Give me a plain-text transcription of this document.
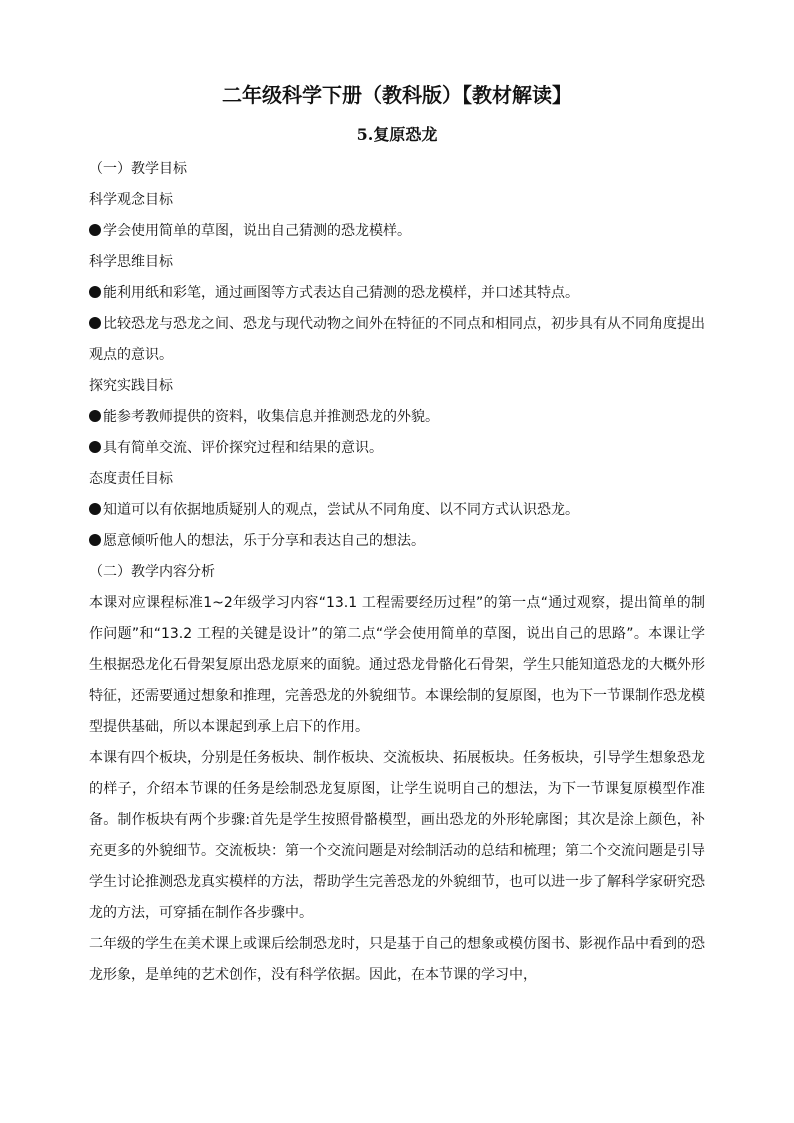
二年级科学下册（教科版）【教材解读】
5.复原恐龙

（一）教学目标

科学观念目标

学会使用简单的草图，说出自己猜测的恐龙模样。

科学思维目标

能利用纸和彩笔，通过画图等方式表达自己猜测的恐龙模样，并口述其特点。

比较恐龙与恐龙之间、恐龙与现代动物之间外在特征的不同点和相同点，初步具有从不同角度提出观点的意识。

探究实践目标

能参考教师提供的资料，收集信息并推测恐龙的外貌。

具有简单交流、评价探究过程和结果的意识。

态度责任目标

知道可以有依据地质疑别人的观点，尝试从不同角度、以不同方式认识恐龙。

愿意倾听他人的想法，乐于分享和表达自己的想法。

（二）教学内容分析

本课对应课程标准1~2年级学习内容“13.1 工程需要经历过程”的第一点“通过观察，提出简单的制作问题”和“13.2 工程的关键是设计”的第二点“学会使用简单的草图，说出自己的思路”。本课让学生根据恐龙化石骨架复原出恐龙原来的面貌。通过恐龙骨骼化石骨架，学生只能知道恐龙的大概外形特征，还需要通过想象和推理，完善恐龙的外貌细节。本课绘制的复原图，也为下一节课制作恐龙模型提供基础，所以本课起到承上启下的作用。

本课有四个板块，分别是任务板块、制作板块、交流板块、拓展板块。任务板块，引导学生想象恐龙的样子，介绍本节课的任务是绘制恐龙复原图，让学生说明自己的想法，为下一节课复原模型作准备。制作板块有两个步骤:首先是学生按照骨骼模型，画出恐龙的外形轮廓图；其次是涂上颜色，补充更多的外貌细节。交流板块：第一个交流问题是对绘制活动的总结和梳理；第二个交流问题是引导学生讨论推测恐龙真实模样的方法，帮助学生完善恐龙的外貌细节，也可以进一步了解科学家研究恐龙的方法，可穿插在制作各步骤中。

二年级的学生在美术课上或课后绘制恐龙时，只是基于自己的想象或模仿图书、影视作品中看到的恐龙形象，是单纯的艺术创作，没有科学依据。因此，在本节课的学习中，
